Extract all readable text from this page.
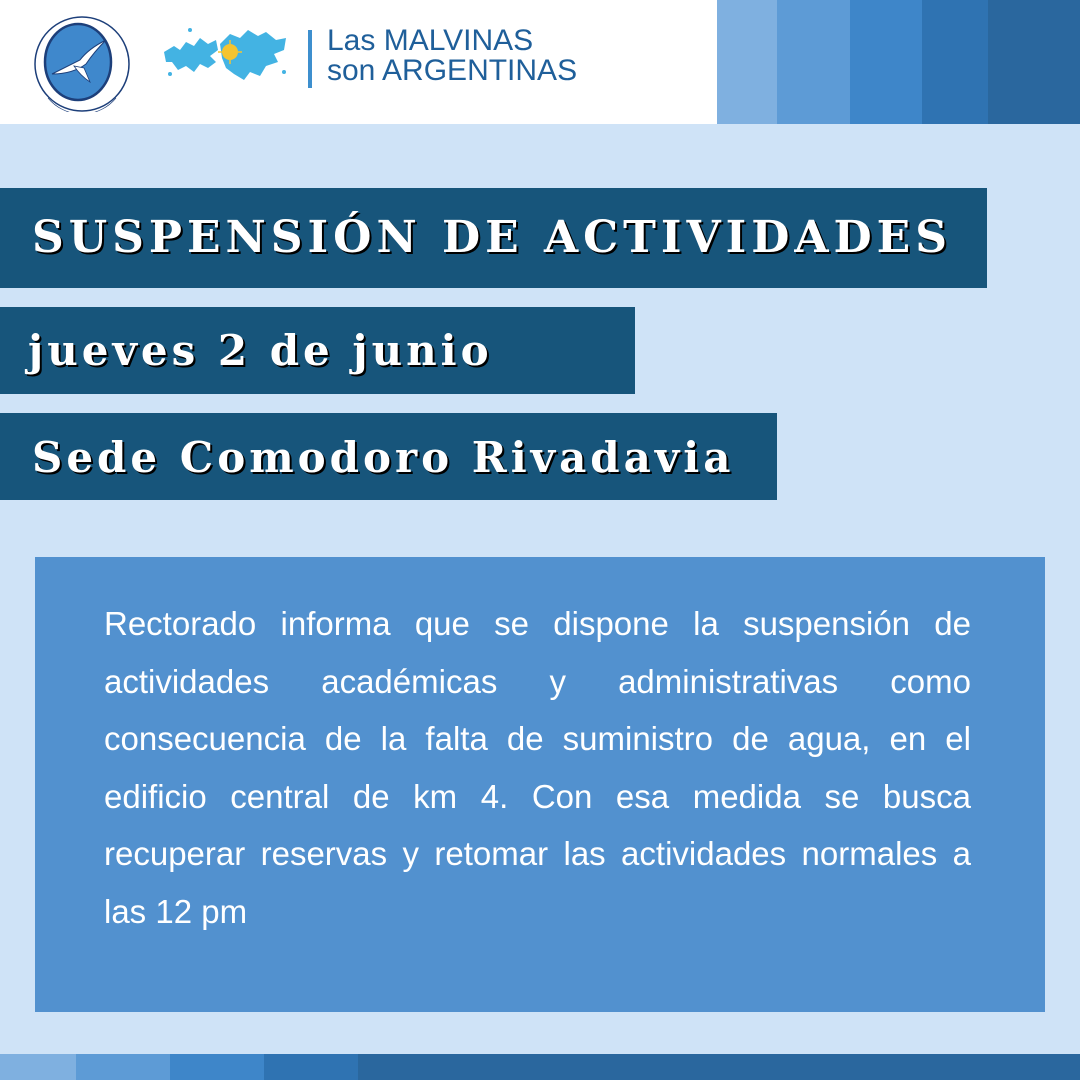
Las MALVINAS
son ARGENTINAS
SUSPENSIÓN DE ACTIVIDADES
jueves 2 de junio
Sede Comodoro Rivadavia

Rectorado informa que se dispone la suspensión de actividades académicas y administrativas como consecuencia de la falta de suministro de agua, en el edificio central de km 4. Con esa medida se busca recuperar reservas y retomar las actividades normales a las 12 pm
